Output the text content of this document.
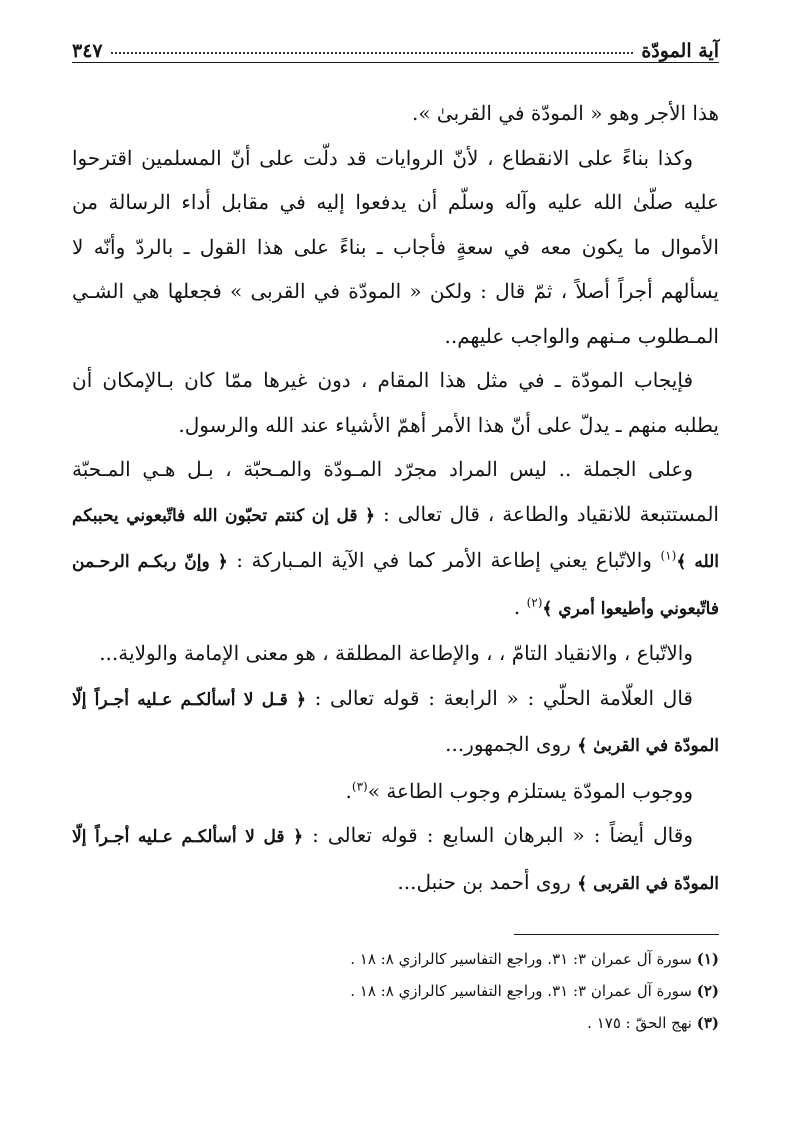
آية المودّة
٣٤٧

هذا الأجر وهو « المودّة في القربىٰ ».

وكذا بناءً على الانقطاع ، لأنّ الروايات قد دلّت على أنّ المسلمين اقترحوا عليه صلّىٰ الله عليه وآله وسلّم أن يدفعوا إليه في مقابل أداء الرسالة من الأموال ما يكون معه في سعةٍ فأجاب ـ بناءً على هذا القول ـ بالردّ وأنّه لا يسألهم أجراً أصلاً ، ثمّ قال : ولكن « المودّة في القربى » فجعلها هي الشـي المـطلوب مـنهم والواجب عليهم..

فإيجاب المودّة ـ في مثل هذا المقام ، دون غيرها ممّا كان بـالإمكان أن يطلبه منهم ـ يدلّ على أنّ هذا الأمر أهمّ الأشياء عند الله والرسول.

وعلى الجملة .. ليس المراد مجرّد المـودّة والمـحبّة ، بـل هـي المـحبّة المستتبعة للانقياد والطاعة ، قال تعالى : ﴿ قل إن كنتم تحبّون الله فاتّبعوني يحببكم الله ﴾$^{(١)}$ والاتّباع يعني إطاعة الأمر كما في الآية المـباركة : ﴿ وإنّ ربكـم الرحـمن فاتّبعوني وأطيعوا أمري ﴾$^{(٢)}$ .

والاتّباع ، والانقياد التامّ ، ، والإطاعة المطلقة ، هو معنى الإمامة والولاية...

قال العلّامة الحلّي : « الرابعة : قوله تعالى : ﴿ قـل لا أسألكـم عـليه أجـراً إلّا المودّة في القربىٰ ﴾ روى الجمهور...

ووجوب المودّة يستلزم وجوب الطاعة »$^{(٣)}$.

وقال أيضاً : « البرهان السابع : قوله تعالى : ﴿ قل لا أسألكـم عـليه أجـراً إلّا المودّة في القربى ﴾ روى أحمد بن حنبل...

(١) سورة آل عمران ٣: ٣١. وراجع التفاسير كالرازي ٨: ١٨ .

(٢) سورة آل عمران ٣: ٣١. وراجع التفاسير كالرازي ٨: ١٨ .

(٣) نهج الحقّ : ١٧٥ .
